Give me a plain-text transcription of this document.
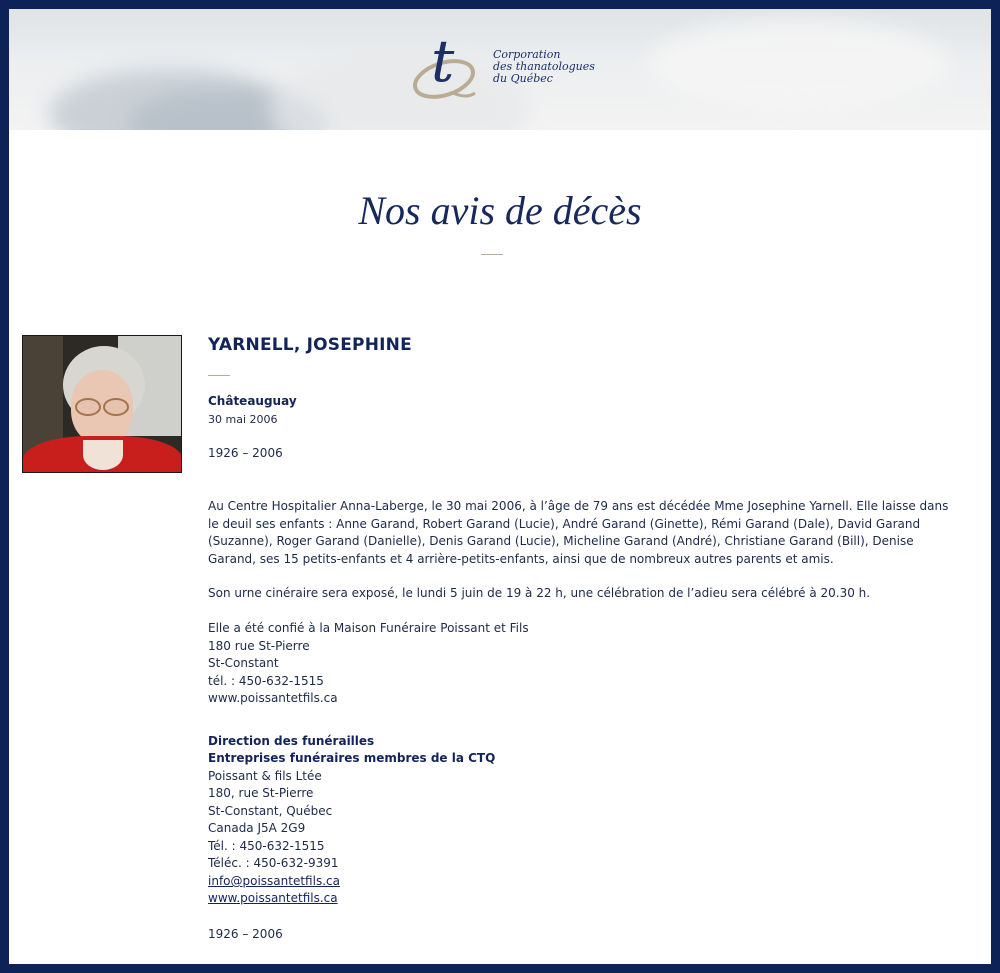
t	Corporation
des thanatologues
du Québec
Nos avis de décès
YARNELL, JOSEPHINE
Châteauguay
30 mai 2006
1926 – 2006
Au Centre Hospitalier Anna-Laberge, le 30 mai 2006, à l’âge de 79 ans est décédée Mme Josephine Yarnell. Elle laisse dans le deuil ses enfants : Anne Garand, Robert Garand (Lucie), André Garand (Ginette), Rémi Garand (Dale), David Garand (Suzanne), Roger Garand (Danielle), Denis Garand (Lucie), Micheline Garand (André), Christiane Garand (Bill), Denise Garand, ses 15 petits-enfants et 4 arrière-petits-enfants, ainsi que de nombreux autres parents et amis.
Son urne cinéraire sera exposé, le lundi 5 juin de 19 à 22 h, une célébration de l’adieu sera célébré à 20.30 h.
Elle a été confié à la Maison Funéraire Poissant et Fils
180 rue St-Pierre
St-Constant
tél. : 450-632-1515
www.poissantetfils.ca
Direction des funérailles
Entreprises funéraires membres de la CTQ
Poissant & fils Ltée
180, rue St-Pierre
St-Constant, Québec
Canada J5A 2G9
Tél. : 450-632-1515
Téléc. : 450-632-9391
info@poissantetfils.ca
www.poissantetfils.ca
1926 – 2006
